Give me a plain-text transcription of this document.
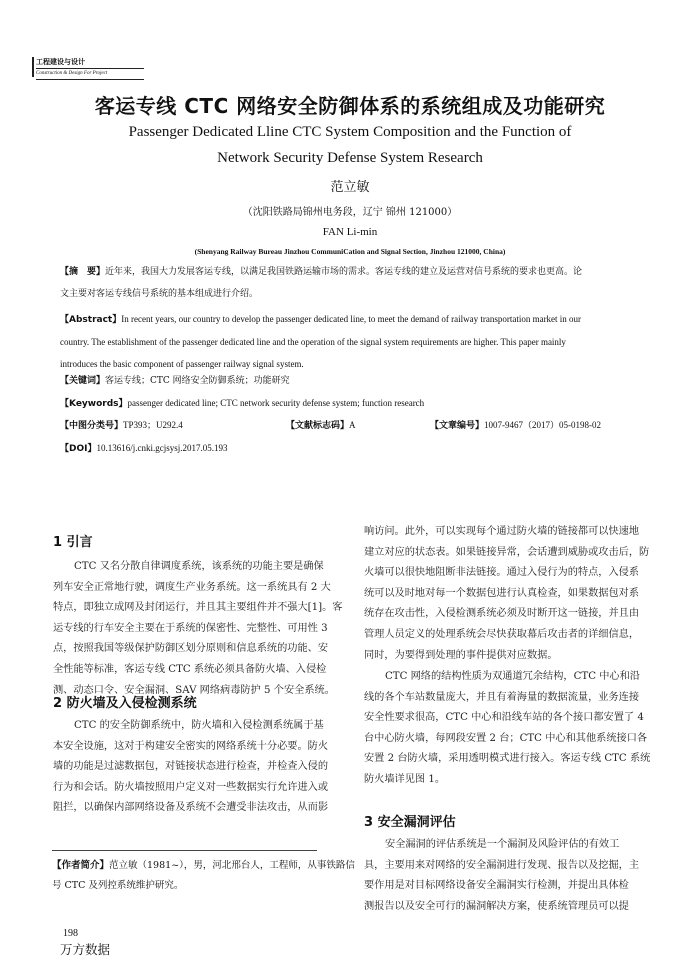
工程建设与设计
Construction & Design For Project
客运专线 CTC 网络安全防御体系的系统组成及功能研究
Passenger Dedicated Lline CTC System Composition and the Function of
Network Security Defense System Research
范立敏
（沈阳铁路局锦州电务段，辽宁 锦州 121000）
FAN Li-min
(Shenyang Railway Bureau Jinzhou CommuniCation and Signal Section, Jinzhou 121000, China)
【摘　要】近年来，我国大力发展客运专线，以满足我国铁路运输市场的需求。客运专线的建立及运营对信号系统的要求也更高。论
文主要对客运专线信号系统的基本组成进行介绍。
【Abstract】In recent years, our country to develop the passenger dedicated line, to meet the demand of railway transportation market in our
country. The establishment of the passenger dedicated line and the operation of the signal system requirements are higher. This paper mainly
introduces the basic component of passenger railway signal system.
【关键词】客运专线；CTC 网络安全防御系统；功能研究
【Keywords】passenger dedicated line; CTC network security defense system; function research
【中图分类号】TP393；U292.4	【文献标志码】A	【文章编号】1007-9467（2017）05-0198-02
【DOI】10.13616/j.cnki.gcjsysj.2017.05.193
1 引言
CTC 又名分散自律调度系统，该系统的功能主要是确保
列车安全正常地行驶，调度生产业务系统。这一系统具有 2 大
特点，即独立成网及封闭运行，并且其主要组件并不强大[1]。客
运专线的行车安全主要在于系统的保密性、完整性、可用性 3
点，按照我国等级保护防御区划分原则和信息系统的功能、安
全性能等标准，客运专线 CTC 系统必须具备防火墙、入侵检
测、动态口令、安全漏洞、SAV 网络病毒防护 5 个安全系统。
2 防火墙及入侵检测系统
CTC 的安全防御系统中，防火墙和入侵检测系统属于基
本安全设施，这对于构建安全密实的网络系统十分必要。防火
墙的功能是过滤数据包，对链接状态进行检查，并检查入侵的
行为和会话。防火墙按照用户定义对一些数据实行允许进入或
阻拦，以确保内部网络设备及系统不会遭受非法攻击，从而影
【作者简介】范立敏（1981~），男，河北邢台人，工程师，从事铁路信
号 CTC 及列控系统维护研究。
198
万方数据
响访问。此外，可以实现每个通过防火墙的链接都可以快速地
建立对应的状态表。如果链接异常，会话遭到威胁或攻击后，防
火墙可以很快地阻断非法链接。通过入侵行为的特点，入侵系
统可以及时地对每一个数据包进行认真检查，如果数据包对系
统存在攻击性，入侵检测系统必须及时断开这一链接，并且由
管理人员定义的处理系统会尽快获取幕后攻击者的详细信息，
同时，为要得到处理的事件提供对应数据。
CTC 网络的结构性质为双通道冗余结构，CTC 中心和沿
线的各个车站数量庞大，并且有着海量的数据流量，业务连接
安全性要求很高，CTC 中心和沿线车站的各个接口都安置了 4
台中心防火墙，每网段安置 2 台；CTC 中心和其他系统接口各
安置 2 台防火墙，采用透明模式进行接入。客运专线 CTC 系统
防火墙详见图 1。
3 安全漏洞评估
安全漏洞的评估系统是一个漏洞及风险评估的有效工
具，主要用来对网络的安全漏洞进行发现、报告以及挖掘，主
要作用是对目标网络设备安全漏洞实行检测，并提出具体检
测报告以及安全可行的漏洞解决方案，使系统管理员可以提
